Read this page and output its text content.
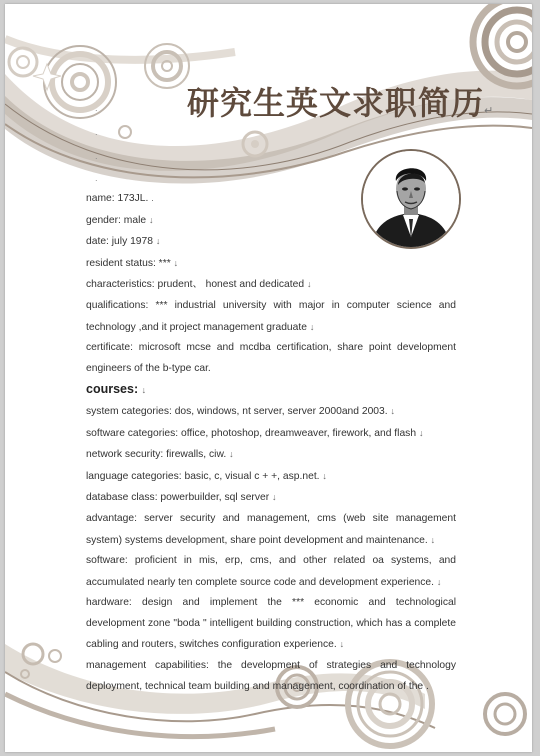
研究生英文求职简历↵
.
.
.
.

name: 173JL. .

gender: male ↓

date: july 1978 ↓

resident status: *** ↓

characteristics: prudent、 honest and dedicated ↓

qualifications: *** industrial university with major in computer science and technology ,and it project management graduate ↓

certificate: microsoft mcse and mcdba certification, share point development engineers of the b-type car.

courses: ↓

system categories: dos, windows, nt server, server 2000and 2003. ↓

software categories: office, photoshop, dreamweaver, firework, and flash ↓

network security: firewalls, ciw. ↓

language categories: basic, c, visual c + +, asp.net. ↓

database class: powerbuilder, sql server ↓

advantage: server security and management, cms (web site management system) systems development, share point development and maintenance. ↓

software: proficient in mis, erp, cms, and other related oa systems, and accumulated nearly ten complete source code and development experience. ↓

hardware: design and implement the *** economic and technological development zone "boda " intelligent building construction, which has a complete cabling and routers, switches configuration experience. ↓

management capabilities: the development of strategies and technology deployment, technical team building and management, coordination of the .
